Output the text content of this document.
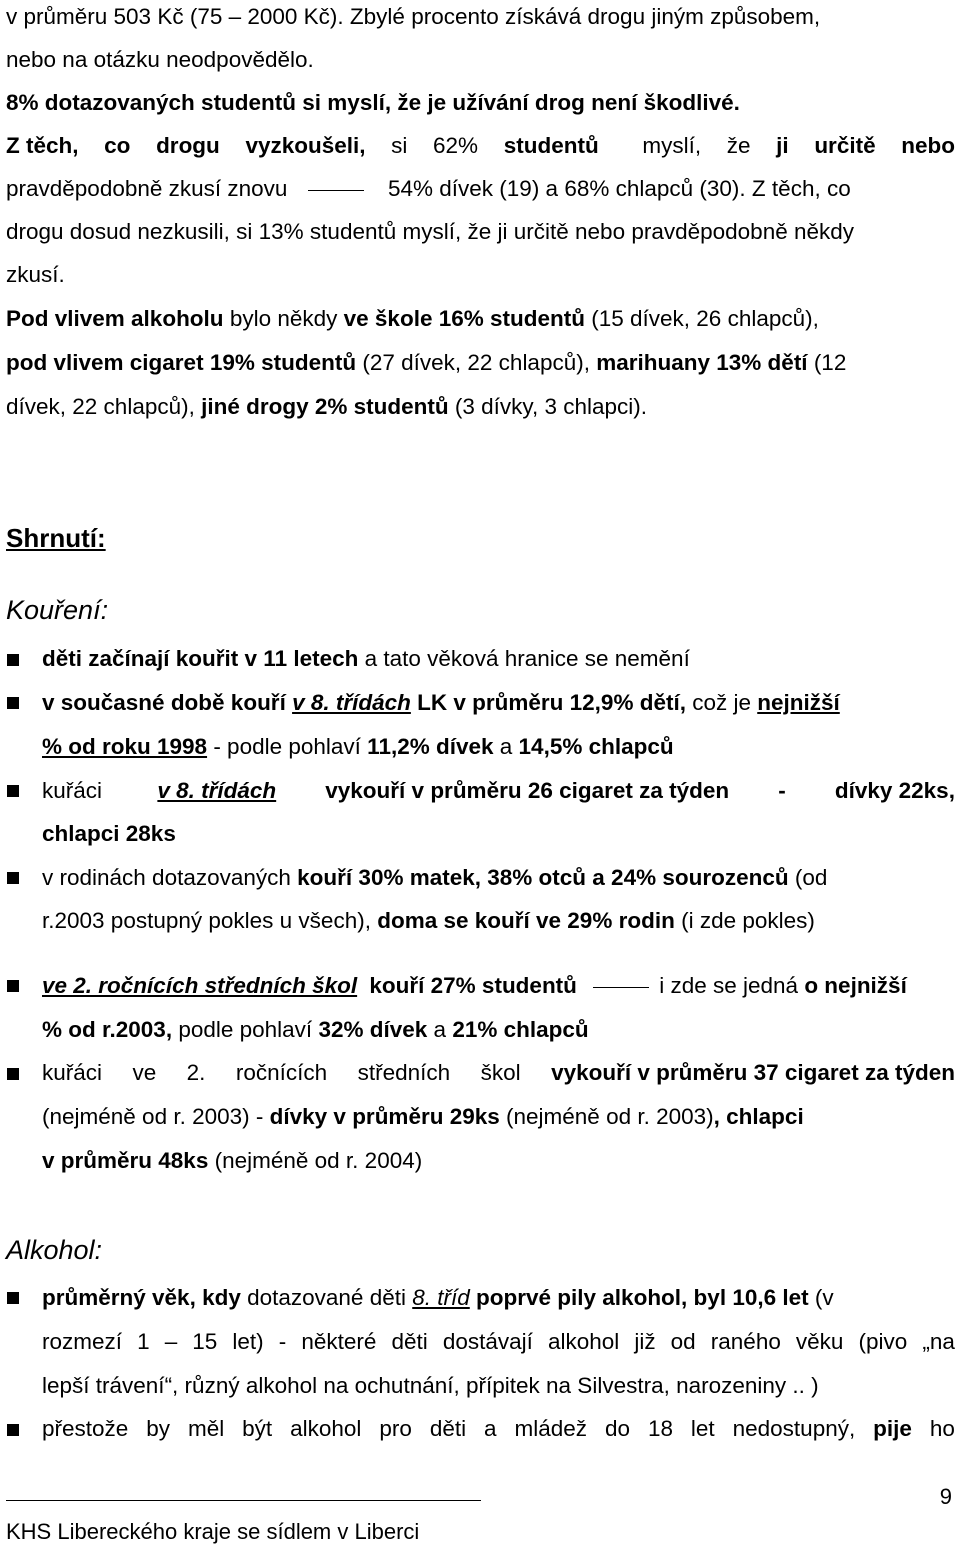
v průměru 503 Kč (75 – 2000 Kč). Zbylé procento získává drogu jiným způsobem,
nebo na otázku neodpovědělo.
8% dotazovaných studentů si myslí, že je užívání drog není škodlivé.
Z těch, co drogu vyzkoušeli, si 62% studentů myslí, že ji určitě nebo
pravděpodobně zkusí znovu	54% dívek (19) a 68% chlapců (30). Z těch, co
drogu dosud nezkusili, si 13% studentů myslí, že ji určitě nebo pravděpodobně někdy
zkusí.
Pod vlivem alkoholu bylo někdy ve škole 16% studentů (15 dívek, 26 chlapců),
pod vlivem cigaret 19% studentů (27 dívek, 22 chlapců), marihuany 13% dětí (12
dívek, 22 chlapců), jiné drogy 2% studentů (3 dívky, 3 chlapci).
Shrnutí:
Kouření:
děti začínají kouřit v 11 letech a tato věková hranice se nemění
v současné době kouří v 8. třídách LK v průměru 12,9% dětí, což je nejnižší
% od roku 1998 - podle pohlaví 11,2% dívek a 14,5% chlapců
kuřáci v 8. třídách vykouří v průměru 26 cigaret za týden - dívky 22ks,
chlapci 28ks
v rodinách dotazovaných kouří 30% matek, 38% otců a 24% sourozenců (od
r.2003 postupný pokles u všech), doma se kouří ve 29% rodin (i zde pokles)
ve 2. ročnících středních škol kouří 27% studentů	i zde se jedná o nejnižší
% od r.2003, podle pohlaví 32% dívek a 21% chlapců
kuřáci ve 2. ročnících středních škol vykouří v průměru 37 cigaret za týden
(nejméně od r. 2003) - dívky v průměru 29ks (nejméně od r. 2003), chlapci
v průměru 48ks (nejméně od r. 2004)
Alkohol:
průměrný věk, kdy dotazované děti 8. tříd poprvé pily alkohol, byl 10,6 let (v
rozmezí 1 – 15 let) - některé děti dostávají alkohol již od raného věku (pivo „na
lepší trávení“, různý alkohol na ochutnání, přípitek na Silvestra, narozeniny .. )
přestože by měl být alkohol pro děti a mládež do 18 let nedostupný, pije ho
9
KHS Libereckého kraje se sídlem v Liberci
